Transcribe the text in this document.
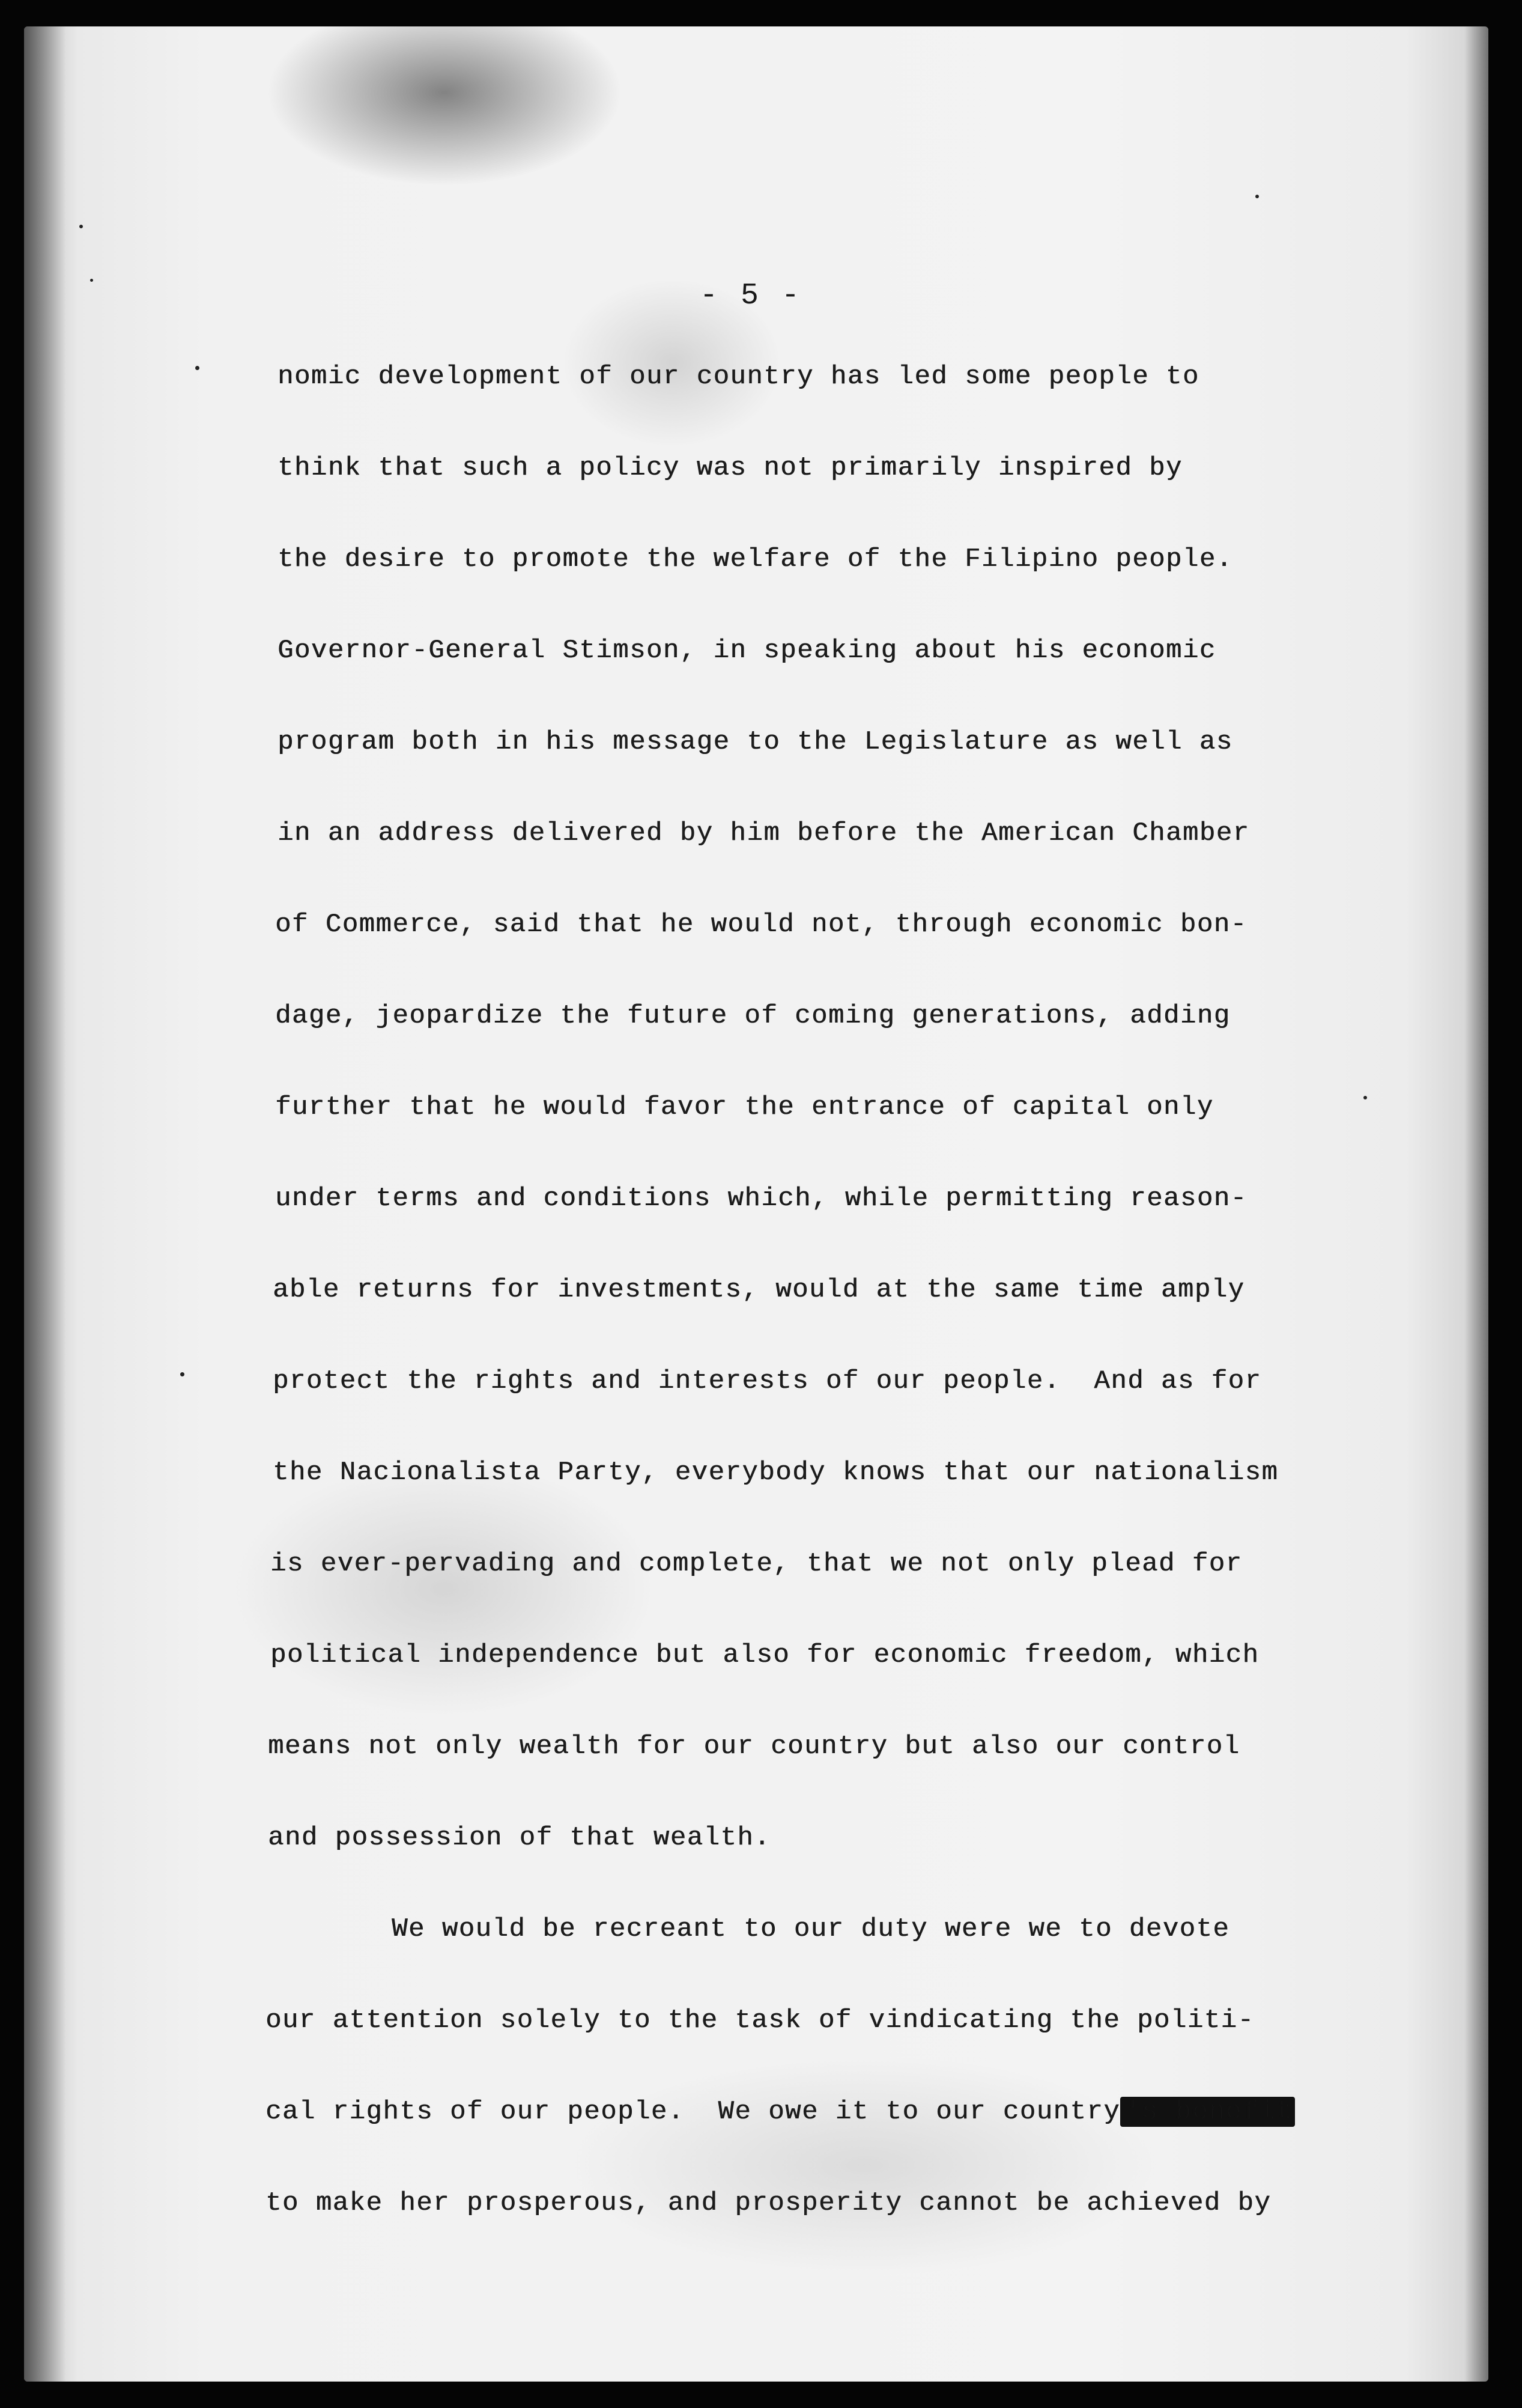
- 5 -
nomic development of our country has led some people to
think that such a policy was not primarily inspired by
the desire to promote the welfare of the Filipino people.
Governor-General Stimson, in speaking about his economic
program both in his message to the Legislature as well as
in an address delivered by him before the American Chamber
of Commerce, said that he would not, through economic bon-
dage, jeopardize the future of coming generations, adding
further that he would favor the entrance of capital only
under terms and conditions which, while permitting reason-
able returns for investments, would at the same time amply
protect the rights and interests of our people.  And as for
the Nacionalista Party, everybody knows that our nationalism
is ever-pervading and complete, that we not only plead for
political independence but also for economic freedom, which
means not only wealth for our country but also our control
and possession of that wealth.
We would be recreant to our duty were we to devote
our attention solely to the task of vindicating the politi-
cal rights of our people.  We owe it to our country 's benefit
to make her prosperous, and prosperity cannot be achieved by
